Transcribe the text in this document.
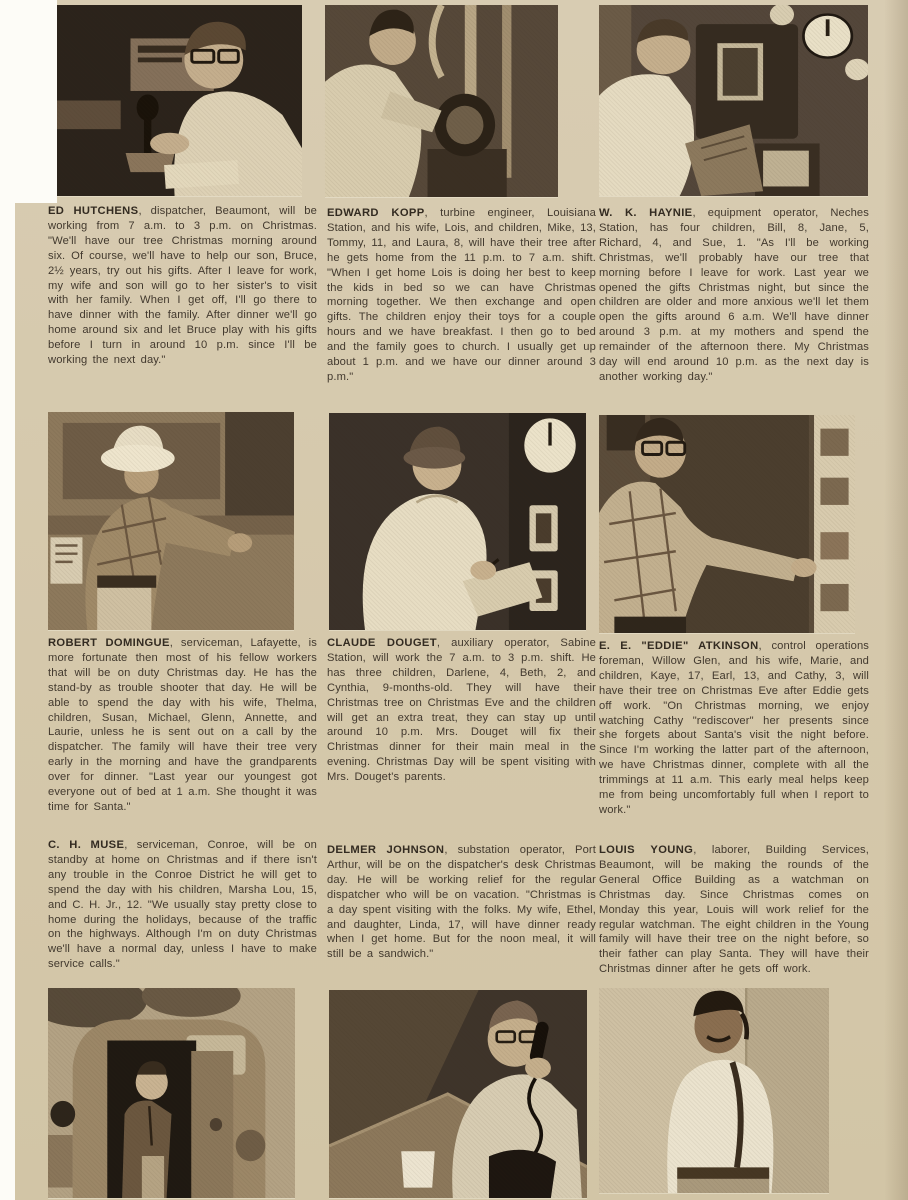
ED HUTCHENS, dispatcher, Beaumont, will be working from 7 a.m. to 3 p.m. on Christmas. "We'll have our tree Christmas morning around six. Of course, we'll have to help our son, Bruce, 2½ years, try out his gifts. After I leave for work, my wife and son will go to her sister's to visit with her family. When I get off, I'll go there to have dinner with the family. After dinner we'll go home around six and let Bruce play with his gifts before I turn in around 10 p.m. since I'll be working the next day."
EDWARD KOPP, turbine engineer, Louisiana Station, and his wife, Lois, and children, Mike, 13, Tommy, 11, and Laura, 8, will have their tree after he gets home from the 11 p.m. to 7 a.m. shift. "When I get home Lois is doing her best to keep the kids in bed so we can have Christmas morning together. We then exchange and open gifts. The children enjoy their toys for a couple hours and we have breakfast. I then go to bed and the family goes to church. I usually get up about 1 p.m. and we have our dinner around 3 p.m."
W. K. HAYNIE, equipment operator, Neches Station, has four children, Bill, 8, Jane, 5, Richard, 4, and Sue, 1. "As I'll be working Christmas, we'll probably have our tree that morning before I leave for work. Last year we opened the gifts Christmas night, but since the children are older and more anxious we'll let them open the gifts around 6 a.m. We'll have dinner around 3 p.m. at my mothers and spend the remainder of the afternoon there. My Christmas day will end around 10 p.m. as the next day is another working day."
ROBERT DOMINGUE, serviceman, Lafayette, is more fortunate then most of his fellow workers that will be on duty Christmas day. He has the stand-by as trouble shooter that day. He will be able to spend the day with his wife, Thelma, children, Susan, Michael, Glenn, Annette, and Laurie, unless he is sent out on a call by the dispatcher. The family will have their tree very early in the morning and have the grandparents over for dinner. "Last year our youngest got everyone out of bed at 1 a.m. She thought it was time for Santa."
CLAUDE DOUGET, auxiliary operator, Sabine Station, will work the 7 a.m. to 3 p.m. shift. He has three children, Darlene, 4, Beth, 2, and Cynthia, 9-months-old. They will have their Christmas tree on Christmas Eve and the children will get an extra treat, they can stay up until around 10 p.m. Mrs. Douget will fix their Christmas dinner for their main meal in the evening. Christmas Day will be spent visiting with Mrs. Douget's parents.
E. E. "EDDIE" ATKINSON, control operations foreman, Willow Glen, and his wife, Marie, and children, Kaye, 17, Earl, 13, and Cathy, 3, will have their tree on Christmas Eve after Eddie gets off work. "On Christmas morning, we enjoy watching Cathy "rediscover" her presents since she forgets about Santa's visit the night before. Since I'm working the latter part of the afternoon, we have Christmas dinner, complete with all the trimmings at 11 a.m. This early meal helps keep me from being uncomfortably full when I report to work."
C. H. MUSE, serviceman, Conroe, will be on standby at home on Christmas and if there isn't any trouble in the Conroe District he will get to spend the day with his children, Marsha Lou, 15, and C. H. Jr., 12. "We usually stay pretty close to home during the holidays, because of the traffic on the highways. Although I'm on duty Christmas we'll have a normal day, unless I have to make service calls."
DELMER JOHNSON, substation operator, Port Arthur, will be on the dispatcher's desk Christmas day. He will be working relief for the regular dispatcher who will be on vacation. "Christmas is a day spent visiting with the folks. My wife, Ethel, and daughter, Linda, 17, will have dinner ready when I get home. But for the noon meal, it will still be a sandwich."
LOUIS YOUNG, laborer, Building Services, Beaumont, will be making the rounds of the General Office Building as a watchman on Christmas day. Since Christmas comes on Monday this year, Louis will work relief for the regular watchman. The eight children in the Young family will have their tree on the night before, so their father can play Santa. They will have their Christmas dinner after he gets off work.
